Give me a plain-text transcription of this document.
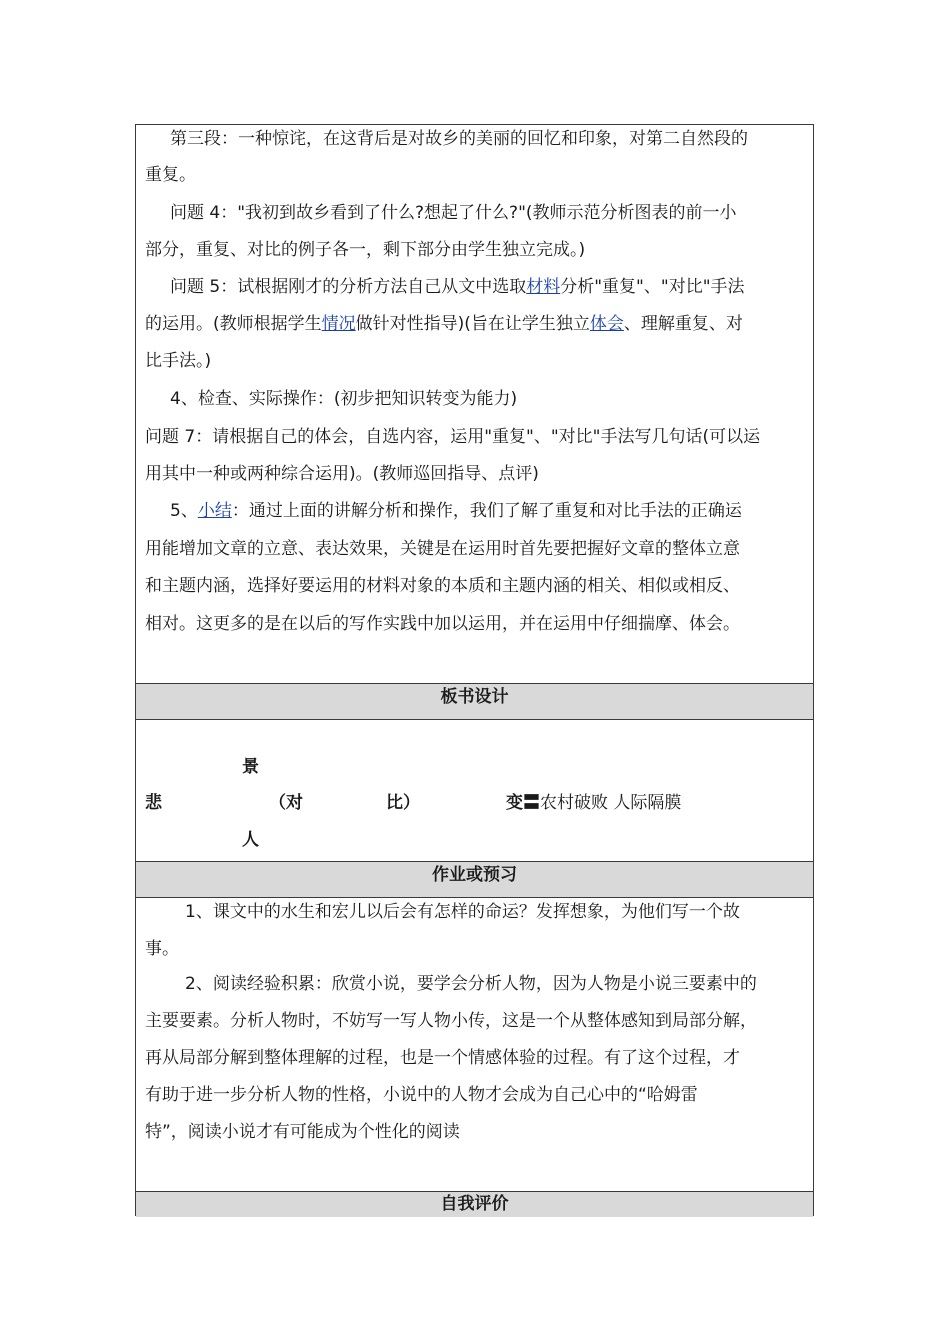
第三段：一种惊诧，在这背后是对故乡的美丽的回忆和印象，对第二自然段的
重复。
问题 4："我初到故乡看到了什么?想起了什么?"(教师示范分析图表的前一小
部分，重复、对比的例子各一，剩下部分由学生独立完成。)
问题 5：试根据刚才的分析方法自己从文中选取材料分析"重复"、"对比"手法
的运用。(教师根据学生情况做针对性指导)(旨在让学生独立体会、理解重复、对
比手法。)
4、检查、实际操作：(初步把知识转变为能力)
问题 7：请根据自己的体会，自选内容，运用"重复"、"对比"手法写几句话(可以运
用其中一种或两种综合运用)。(教师巡回指导、点评)
5、小结：通过上面的讲解分析和操作，我们了解了重复和对比手法的正确运
用能增加文章的立意、表达效果，关键是在运用时首先要把握好文章的整体立意
和主题内涵，选择好要运用的材料对象的本质和主题内涵的相关、相似或相反、
相对。这更多的是在以后的写作实践中加以运用，并在运用中仔细揣摩、体会。
板书设计
景
悲	（对	比）	变〓农村破败 人际隔膜
人
作业或预习
1、课文中的水生和宏儿以后会有怎样的命运？发挥想象，为他们写一个故
事。
2、阅读经验积累：欣赏小说，要学会分析人物，因为人物是小说三要素中的
主要要素。分析人物时，不妨写一写人物小传，这是一个从整体感知到局部分解，
再从局部分解到整体理解的过程，也是一个情感体验的过程。有了这个过程，才
有助于进一步分析人物的性格，小说中的人物才会成为自己心中的“哈姆雷
特”，阅读小说才有可能成为个性化的阅读
自我评价
